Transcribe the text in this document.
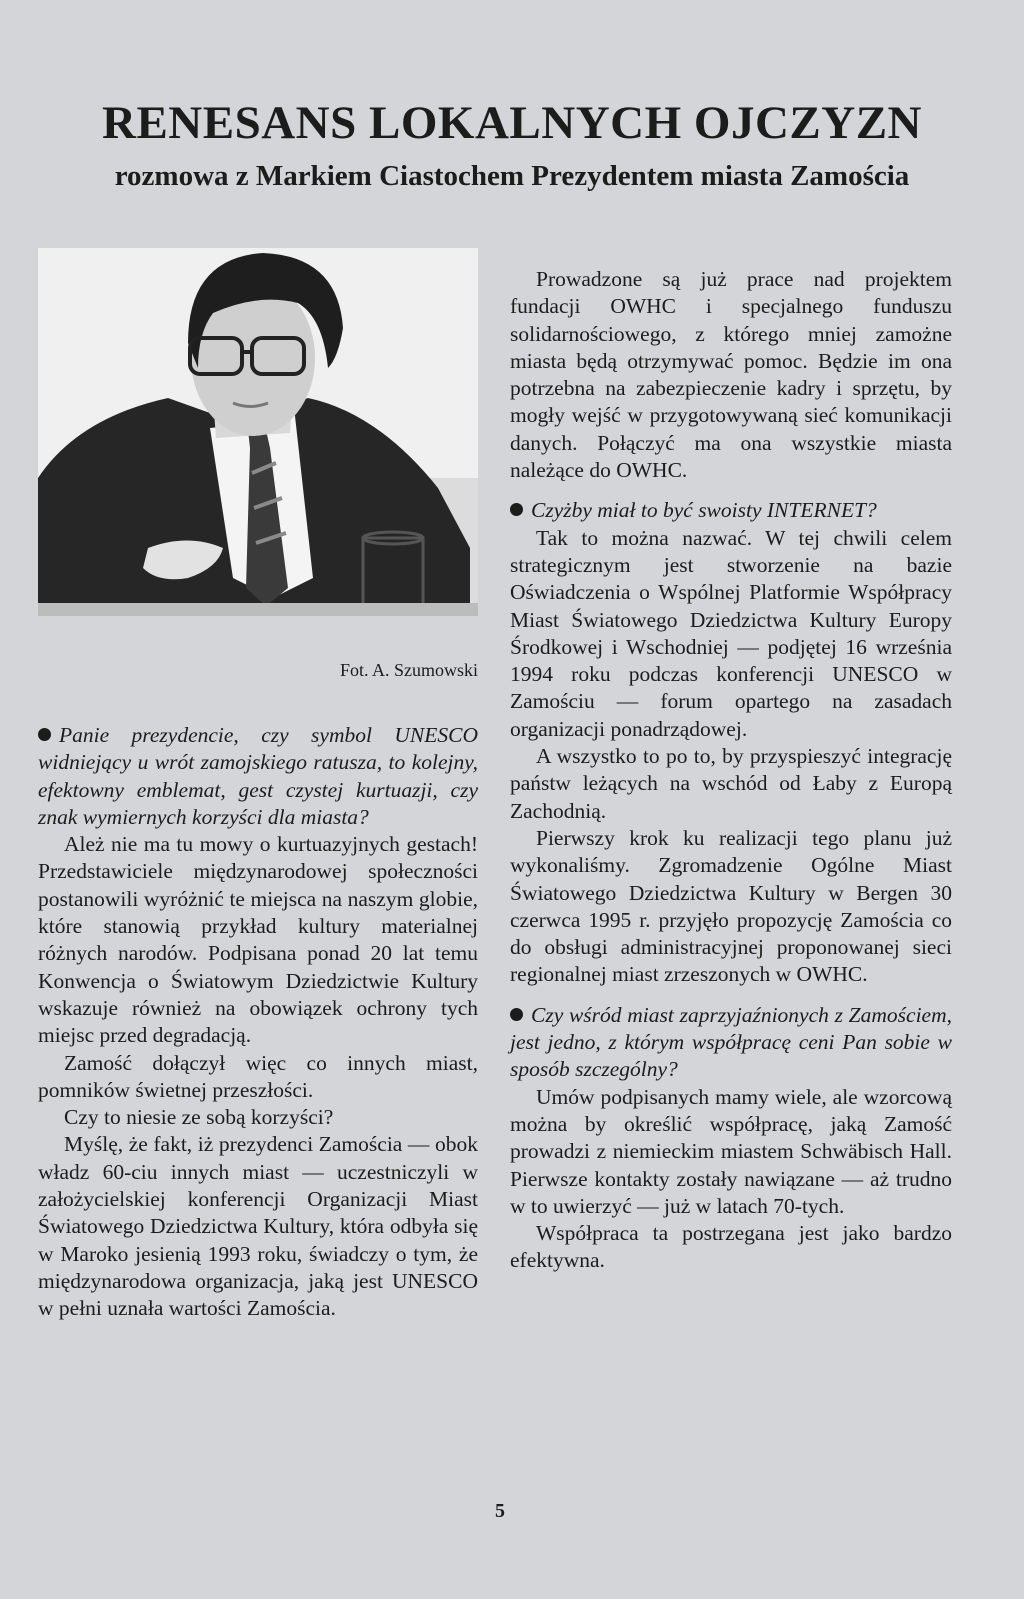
RENESANS LOKALNYCH OJCZYZN
rozmowa z Markiem Ciastochem Prezydentem miasta Zamościa
Fot. A. Szumowski

Panie prezydencie, czy symbol UNESCO widniejący u wrót zamojskiego ratusza, to kolejny, efektowny emblemat, gest czystej kurtuazji, czy znak wymiernych korzyści dla miasta?

Ależ nie ma tu mowy o kurtuazyjnych gestach! Przedstawiciele międzynarodowej społeczności postanowili wyróżnić te miejsca na naszym globie, które stanowią przykład kultury materialnej różnych narodów. Podpisana ponad 20 lat temu Konwencja o Światowym Dziedzictwie Kultury wskazuje również na obowiązek ochrony tych miejsc przed degradacją.

Zamość dołączył więc co innych miast, pomników świetnej przeszłości.

Czy to niesie ze sobą korzyści?

Myślę, że fakt, iż prezydenci Zamościa — obok władz 60-ciu innych miast — uczestniczyli w założycielskiej konferencji Organizacji Miast Światowego Dziedzictwa Kultury, która odbyła się w Maroko jesienią 1993 roku, świadczy o tym, że międzynarodowa organizacja, jaką jest UNESCO w pełni uznała wartości Zamościa.

Prowadzone są już prace nad projektem fundacji OWHC i specjalnego funduszu solidarnościowego, z którego mniej zamożne miasta będą otrzymywać pomoc. Będzie im ona potrzebna na zabezpieczenie kadry i sprzętu, by mogły wejść w przygotowywaną sieć komunikacji danych. Połączyć ma ona wszystkie miasta należące do OWHC.

Czyżby miał to być swoisty INTERNET?

Tak to można nazwać. W tej chwili celem strategicznym jest stworzenie na bazie Oświadczenia o Wspólnej Platformie Współpracy Miast Światowego Dziedzictwa Kultury Europy Środkowej i Wschodniej — podjętej 16 września 1994 roku podczas konferencji UNESCO w Zamościu — forum opartego na zasadach organizacji ponadrządowej.

A wszystko to po to, by przyspieszyć integrację państw leżących na wschód od Łaby z Europą Zachodnią.

Pierwszy krok ku realizacji tego planu już wykonaliśmy. Zgromadzenie Ogólne Miast Światowego Dziedzictwa Kultury w Bergen 30 czerwca 1995 r. przyjęło propozycję Zamościa co do obsługi administracyjnej proponowanej sieci regionalnej miast zrzeszonych w OWHC.

Czy wśród miast zaprzyjaźnionych z Zamościem, jest jedno, z którym współpracę ceni Pan sobie w sposób szczególny?

Umów podpisanych mamy wiele, ale wzorcową można by określić współpracę, jaką Zamość prowadzi z niemieckim miastem Schwäbisch Hall. Pierwsze kontakty zostały nawiązane — aż trudno w to uwierzyć — już w latach 70-tych.

Współpraca ta postrzegana jest jako bardzo efektywna.

5
